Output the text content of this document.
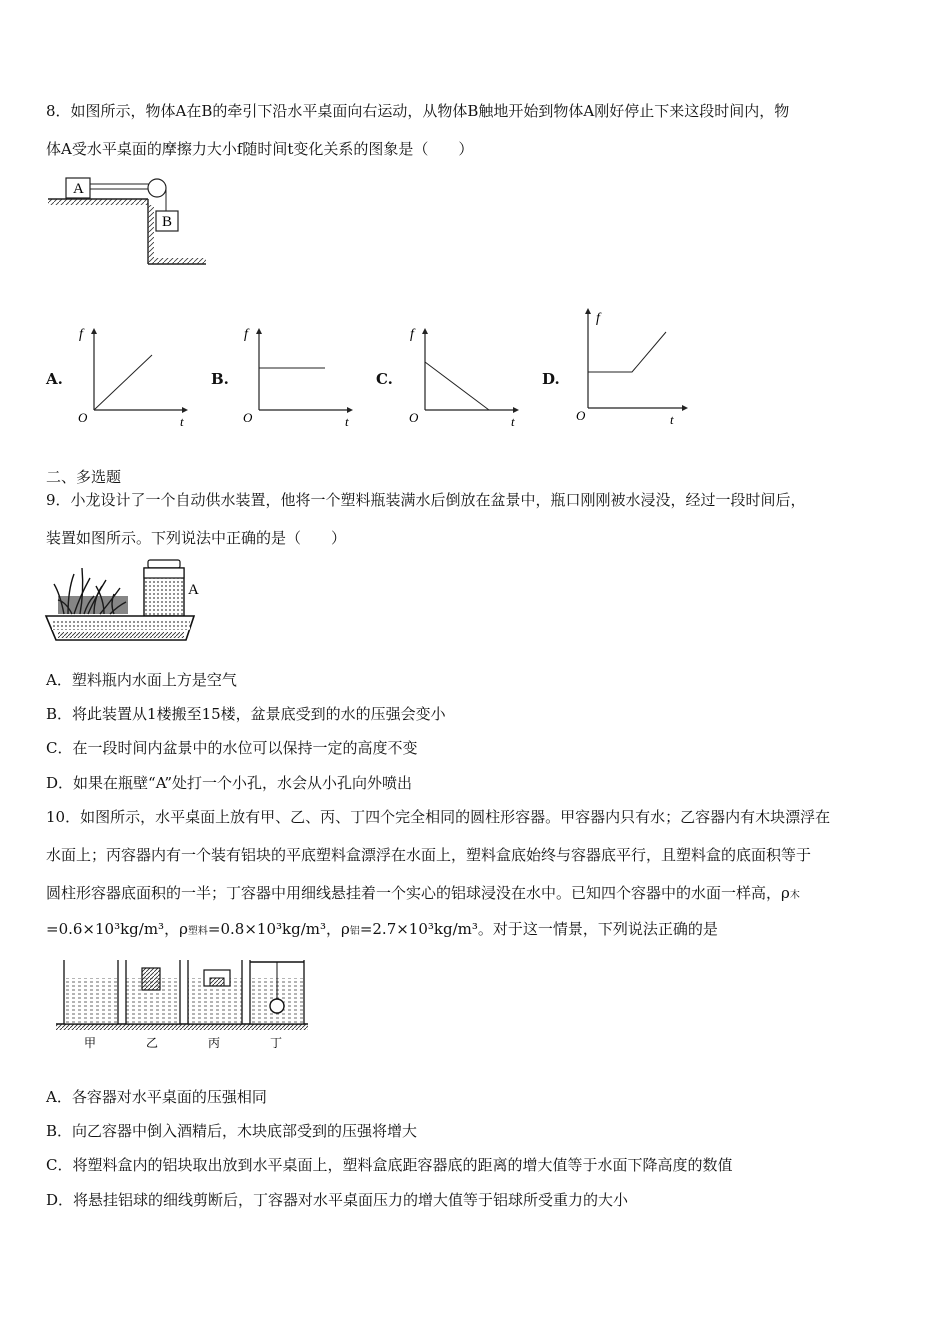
8．如图所示，物体A在B的牵引下沿水平桌面向右运动，从物体B触地开始到物体A刚好停止下来这段时间内，物
体A受水平桌面的摩擦力大小f随时间t变化关系的图象是（　　）
A
B
A.
f
O	t
B.
f
O	t
C.
f
O	t
D.
f
O	t
二、多选题
9．小龙设计了一个自动供水装置，他将一个塑料瓶装满水后倒放在盆景中，瓶口刚刚被水浸没，经过一段时间后，
装置如图所示。下列说法中正确的是（　　）
A
A．塑料瓶内水面上方是空气
B．将此装置从1楼搬至15楼，盆景底受到的水的压强会变小
C．在一段时间内盆景中的水位可以保持一定的高度不变
D．如果在瓶壁“A”处打一个小孔，水会从小孔向外喷出
10．如图所示，水平桌面上放有甲、乙、丙、丁四个完全相同的圆柱形容器。甲容器内只有水；乙容器内有木块漂浮在
水面上；丙容器内有一个装有铝块的平底塑料盒漂浮在水面上，塑料盒底始终与容器底平行，且塑料盒的底面积等于
圆柱形容器底面积的一半；丁容器中用细线悬挂着一个实心的铝球浸没在水中。已知四个容器中的水面一样高，ρ木
=0.6×10³kg/m³，ρ塑料=0.8×10³kg/m³，ρ铝=2.7×10³kg/m³。对于这一情景，下列说法正确的是
甲	乙	丙	丁
A．各容器对水平桌面的压强相同
B．向乙容器中倒入酒精后，木块底部受到的压强将增大
C．将塑料盒内的铝块取出放到水平桌面上，塑料盒底距容器底的距离的增大值等于水面下降高度的数值
D．将悬挂铝球的细线剪断后，丁容器对水平桌面压力的增大值等于铝球所受重力的大小
